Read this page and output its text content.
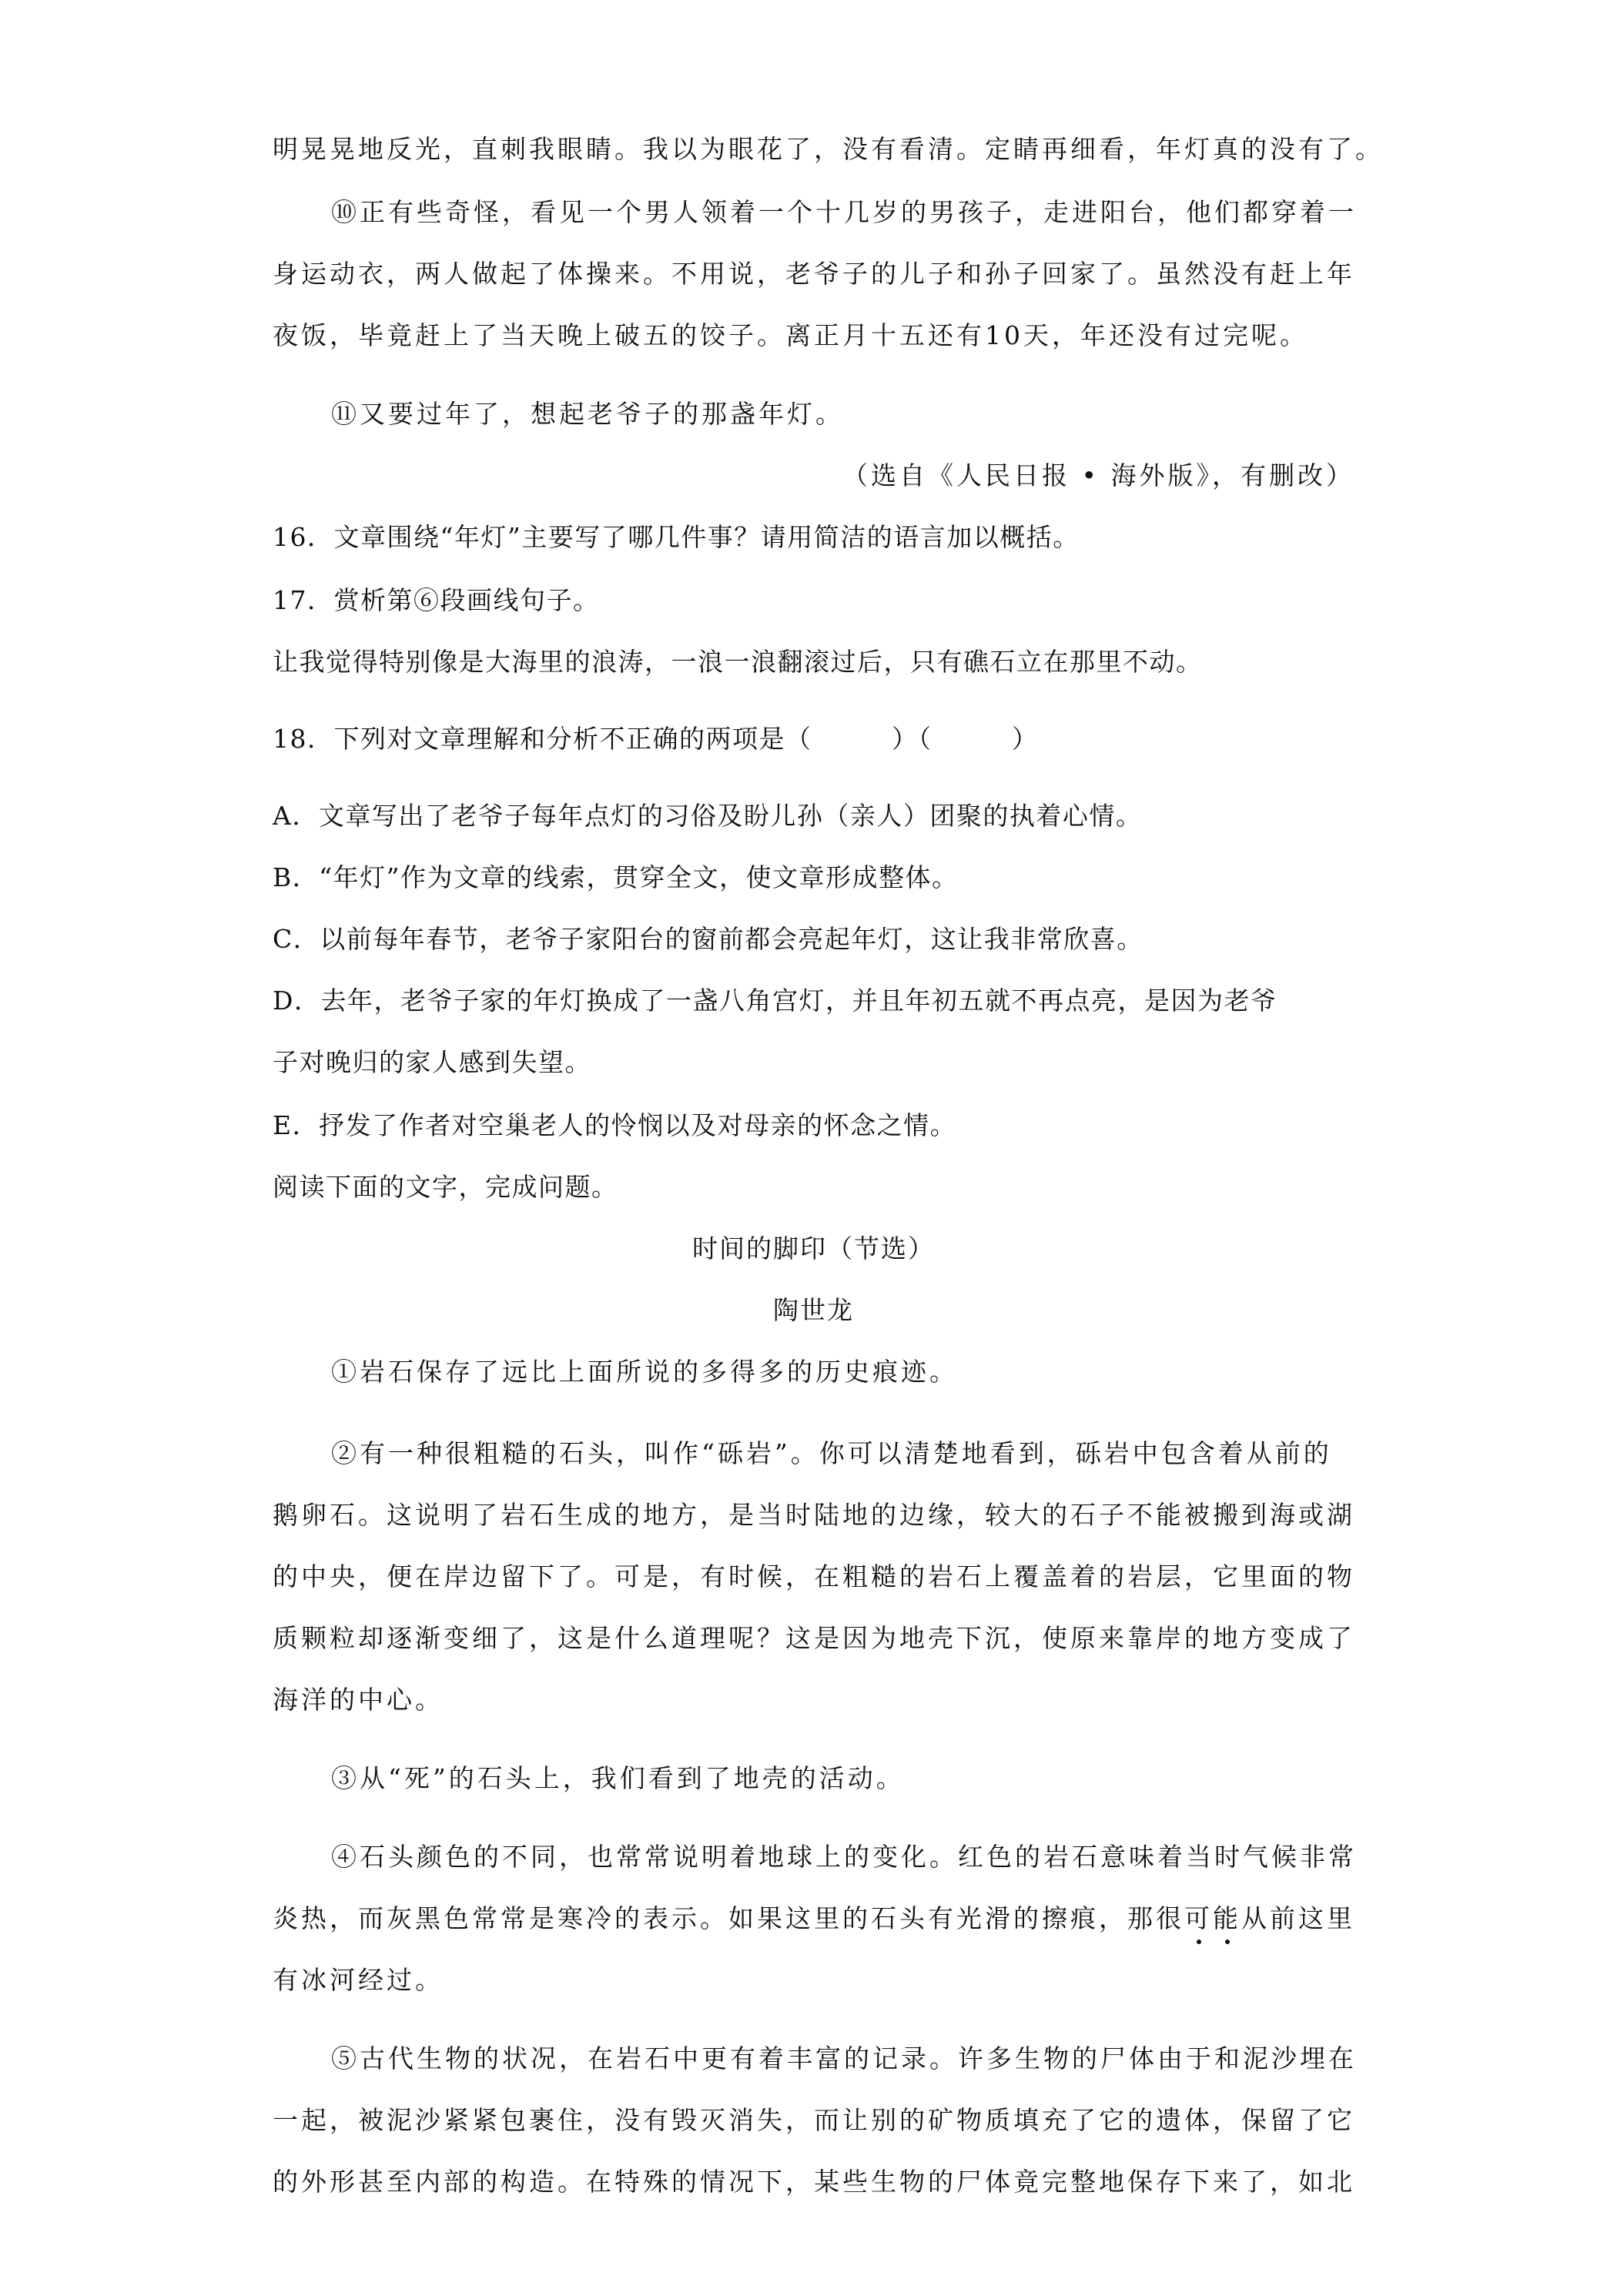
明晃晃地反光，直刺我眼睛。我以为眼花了，没有看清。定睛再细看，年灯真的没有了。
⑩正有些奇怪，看见一个男人领着一个十几岁的男孩子，走进阳台，他们都穿着一
身运动衣，两人做起了体操来。不用说，老爷子的儿子和孙子回家了。虽然没有赶上年
夜饭，毕竟赶上了当天晚上破五的饺子。离正月十五还有10天，年还没有过完呢。
⑪又要过年了，想起老爷子的那盏年灯。
（选自《人民日报 • 海外版》，有删改）
16．文章围绕“年灯”主要写了哪几件事？请用简洁的语言加以概括。
17．赏析第⑥段画线句子。
让我觉得特别像是大海里的浪涛，一浪一浪翻滚过后，只有礁石立在那里不动。
18．下列对文章理解和分析不正确的两项是（　　　）（　　　）
A．文章写出了老爷子每年点灯的习俗及盼儿孙（亲人）团聚的执着心情。
B．“年灯”作为文章的线索，贯穿全文，使文章形成整体。
C．以前每年春节，老爷子家阳台的窗前都会亮起年灯，这让我非常欣喜。
D．去年，老爷子家的年灯换成了一盏八角宫灯，并且年初五就不再点亮，是因为老爷
子对晚归的家人感到失望。
E．抒发了作者对空巢老人的怜悯以及对母亲的怀念之情。
阅读下面的文字，完成问题。
时间的脚印（节选）
陶世龙
①岩石保存了远比上面所说的多得多的历史痕迹。
②有一种很粗糙的石头，叫作“砾岩”。你可以清楚地看到，砾岩中包含着从前的
鹅卵石。这说明了岩石生成的地方，是当时陆地的边缘，较大的石子不能被搬到海或湖
的中央，便在岸边留下了。可是，有时候，在粗糙的岩石上覆盖着的岩层，它里面的物
质颗粒却逐渐变细了，这是什么道理呢？这是因为地壳下沉，使原来靠岸的地方变成了
海洋的中心。
③从“死”的石头上，我们看到了地壳的活动。
④石头颜色的不同，也常常说明着地球上的变化。红色的岩石意味着当时气候非常
炎热，而灰黑色常常是寒冷的表示。如果这里的石头有光滑的擦痕，那很可能从前这里
有冰河经过。
⑤古代生物的状况，在岩石中更有着丰富的记录。许多生物的尸体由于和泥沙埋在
一起，被泥沙紧紧包裹住，没有毁灭消失，而让别的矿物质填充了它的遗体，保留了它
的外形甚至内部的构造。在特殊的情况下，某些生物的尸体竟完整地保存下来了，如北
